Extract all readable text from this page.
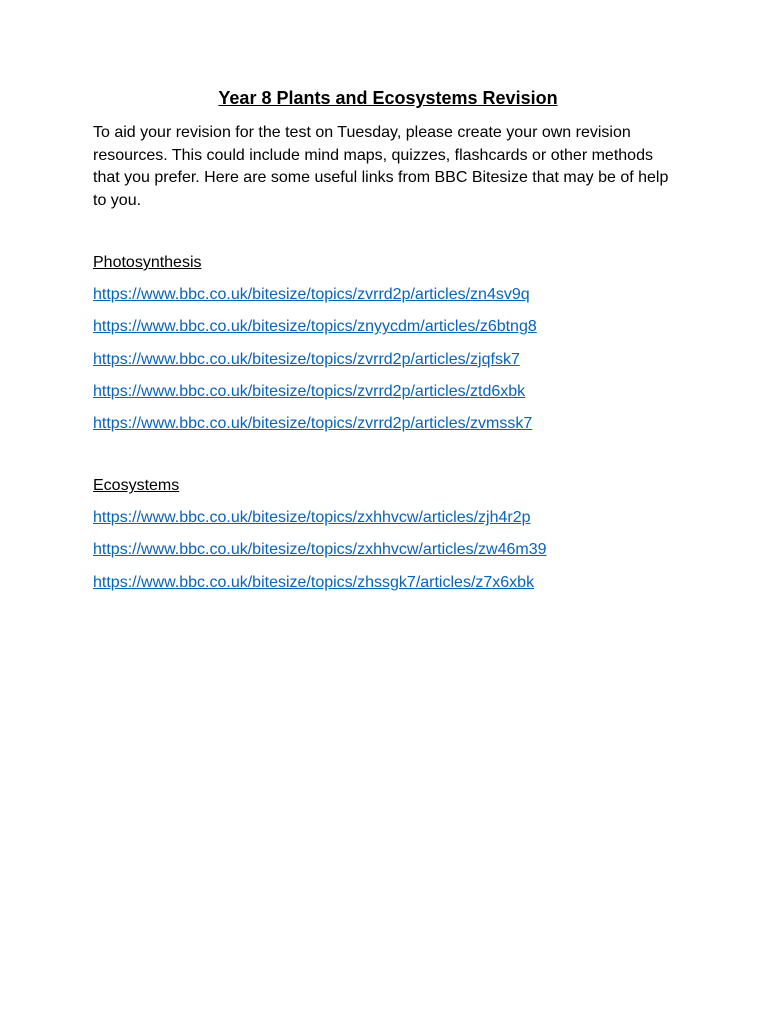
Year 8 Plants and Ecosystems Revision

To aid your revision for the test on Tuesday, please create your own revision resources. This could include mind maps, quizzes, flashcards or other methods that you prefer. Here are some useful links from BBC Bitesize that may be of help to you.

Photosynthesis
https://www.bbc.co.uk/bitesize/topics/zvrrd2p/articles/zn4sv9q
https://www.bbc.co.uk/bitesize/topics/znyycdm/articles/z6btng8
https://www.bbc.co.uk/bitesize/topics/zvrrd2p/articles/zjqfsk7
https://www.bbc.co.uk/bitesize/topics/zvrrd2p/articles/ztd6xbk
https://www.bbc.co.uk/bitesize/topics/zvrrd2p/articles/zvmssk7
Ecosystems
https://www.bbc.co.uk/bitesize/topics/zxhhvcw/articles/zjh4r2p
https://www.bbc.co.uk/bitesize/topics/zxhhvcw/articles/zw46m39
https://www.bbc.co.uk/bitesize/topics/zhssgk7/articles/z7x6xbk
